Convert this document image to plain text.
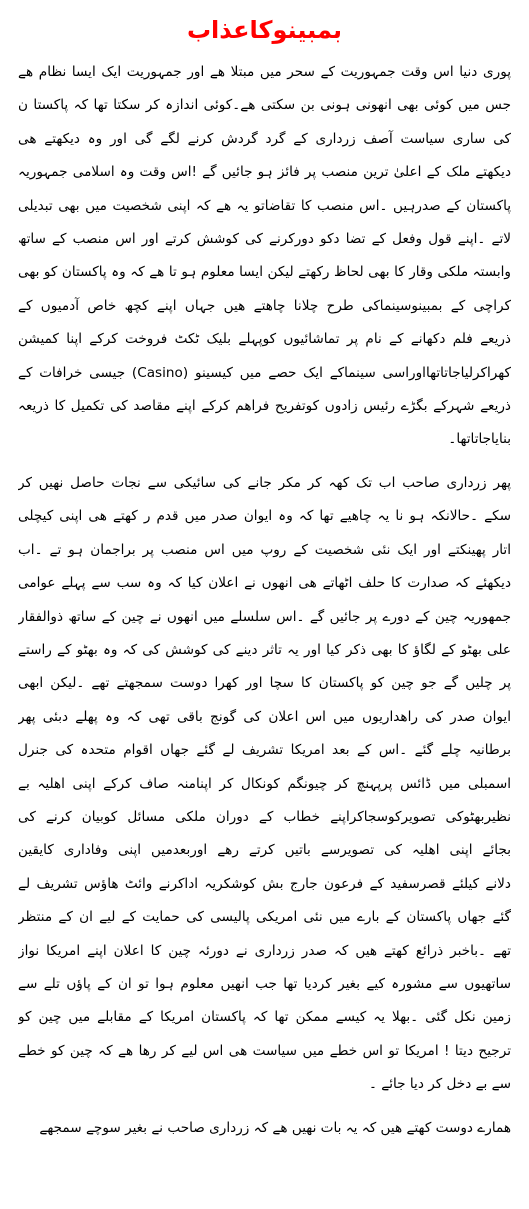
بمبینوکاعذاب
پوری دنیا اس وقت جمہوریت کے سحر میں مبتلا ھے اور جمہوریت ایک ایسا نظام ھے
جس میں کوئی بھی انھونی ہونی بن سکتی ھے۔کوئی اندازہ کر سکتا تھا کہ پاکستا ن
کی ساری سیاست آصف زرداری کے گرد گردش کرنے لگے گی اور وہ دیکھتے ھی
دیکھتے ملک کے اعلیٰ ترین منصب پر فائز ہو جائیں گے !اس وقت وہ اسلامی جمہوریہ
پاکستان کے صدرہیں ۔اس منصب کا تقاضاتو یہ ھے کہ اپنی شخصیت میں بھی تبدیلی
لاتے ۔اپنے قول وفعل کے تضا دکو دورکرنے کی کوشش کرتے اور اس منصب کے ساتھ
وابستہ ملکی وقار کا بھی لحاظ رکھتے لیکن ایسا معلوم ہو تا ھے کہ وہ پاکستان کو بھی
کراچی کے بمبینوسینماکی طرح چلانا چاھتے ھیں جہاں اپنے کچھ خاص آدمیوں کے
ذریعے فلم دکھانے کے نام پر تماشائیوں کوپہلے بلیک ٹکٹ فروخت کرکے اپنا کمیشن
کھراکرلیاجاتاتھااوراسی سینماکے ایک حصے میں کیسینو (Casino) جیسی خرافات کے
ذریعے شہرکے بگڑے رئیس زادوں کوتفریح فراھم کرکے اپنے مقاصد کی تکمیل کا ذریعہ
بنایاجاتاتھا۔
پھر زرداری صاحب اب تک کھہ کر مکر جانے کی سائیکی سے نجات حاصل نھیں کر
سکے ۔حالانکہ ہو نا یہ چاھیے تھا کہ وہ ایوان صدر میں قدم ر کھتے ھی اپنی کیچلی
اتار پھینکتے اور ایک نئی شخصیت کے روپ میں اس منصب پر براجمان ہو تے ۔اب
دیکھئے کہ صدارت کا حلف اٹھاتے ھی انھوں نے اعلان کیا کہ وہ سب سے پہلے عوامی
جمھوریہ چین کے دورے پر جائیں گے ۔اس سلسلے میں انھوں نے چین کے ساتھ ذوالفقار
علی بھٹو کے لگاؤ کا بھی ذکر کیا اور یہ تاثر دینے کی کوشش کی کہ وہ بھٹو کے راستے
پر چلیں گے جو چین کو پاکستان کا سچا اور کھرا دوست سمجھتے تھے ۔لیکن ابھی
ایوان صدر کی راھداریوں میں اس اعلان کی گونج باقی تھی کہ وہ پھلے دبئی پھر
برطانیہ چلے گئے ۔اس کے بعد امریکا تشریف لے گئے جھاں اقوام متحدہ کی جنرل
اسمبلی میں ڈائس پرپہنچ کر چیونگم کونکال کر اپنامنہ صاف کرکے اپنی اھلیہ بے
نظیربھٹوکی تصویرکوسجاکراپنے خطاب کے دوران ملکی مسائل کوبیان کرنے کی
بجائے اپنی اھلیہ کی تصویرسے باتیں کرتے رھے اوربعدمیں اپنی وفاداری کایقین
دلانے کیلئے قصرسفید کے فرعون جارج بش کوشکریہ اداکرنے وائٹ ھاؤس تشریف لے
گئے جھاں پاکستان کے بارے میں نئی امریکی پالیسی کی حمایت کے لیے ان کے منتظر
تھے ۔باخبر ذرائع کھتے ھیں کہ صدر زرداری نے دورئہ چین کا اعلان اپنے امریکا نواز
ساتھیوں سے مشورہ کیے بغیر کردیا تھا جب انھیں معلوم ہوا تو ان کے پاؤں تلے سے
زمین نکل گئی ۔بھلا یہ کیسے ممکن تھا کہ پاکستان امریکا کے مقابلے میں چین کو
ترجیح دیتا ! امریکا تو اس خطے میں سیاست ھی اس لیے کر رھا ھے کہ چین کو خطے
سے بے دخل کر دیا جائے ۔
ھمارے دوست کھتے ھیں کہ یہ بات نھیں ھے کہ زرداری صاحب نے بغیر سوچے سمجھے
